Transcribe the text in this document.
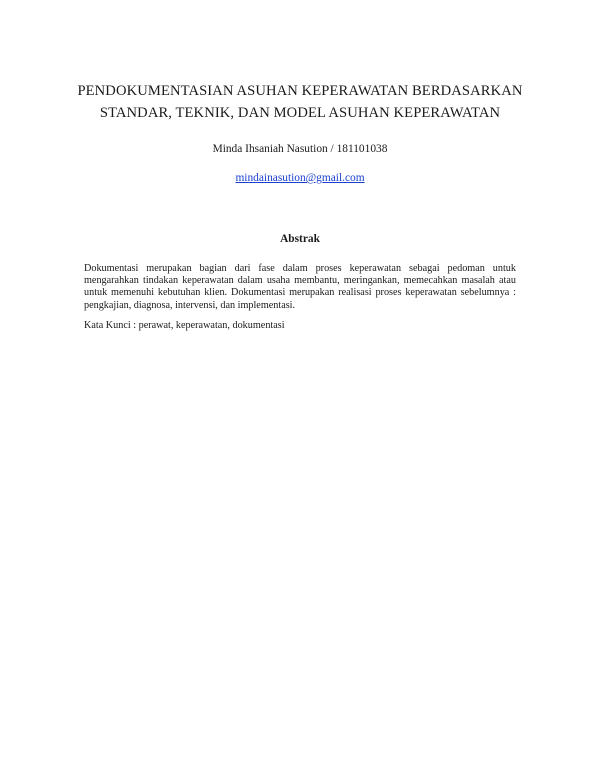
PENDOKUMENTASIAN ASUHAN KEPERAWATAN BERDASARKAN
STANDAR, TEKNIK, DAN MODEL ASUHAN KEPERAWATAN
Minda Ihsaniah Nasution / 181101038
mindainasution@gmail.com
Abstrak

Dokumentasi merupakan bagian dari fase dalam proses keperawatan sebagai pedoman untuk mengarahkan tindakan keperawatan dalam usaha membantu, meringankan, memecahkan masalah atau untuk memenuhi kebutuhan klien. Dokumentasi merupakan realisasi proses keperawatan sebelumnya : pengkajian, diagnosa, intervensi, dan implementasi.

Kata Kunci : perawat, keperawatan, dokumentasi
